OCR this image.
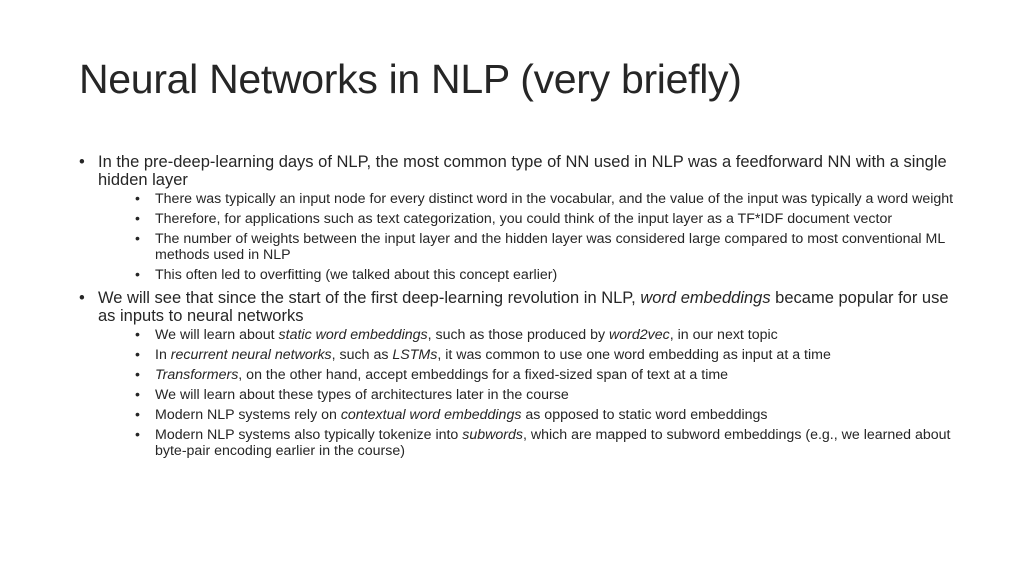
Neural Networks in NLP (very briefly)
• In the pre-deep-learning days of NLP, the most common type of NN used in NLP was a feedforward NN with a single hidden layer
• There was typically an input node for every distinct word in the vocabular, and the value of the input was typically a word weight
• Therefore, for applications such as text categorization, you could think of the input layer as a TF*IDF document vector
• The number of weights between the input layer and the hidden layer was considered large compared to most conventional ML methods used in NLP
• This often led to overfitting (we talked about this concept earlier)
• We will see that since the start of the first deep-learning revolution in NLP, word embeddings became popular for use as inputs to neural networks
• We will learn about static word embeddings, such as those produced by word2vec, in our next topic
• In recurrent neural networks, such as LSTMs, it was common to use one word embedding as input at a time
• Transformers, on the other hand, accept embeddings for a fixed-sized span of text at a time
• We will learn about these types of architectures later in the course
• Modern NLP systems rely on contextual word embeddings as opposed to static word embeddings
• Modern NLP systems also typically tokenize into subwords, which are mapped to subword embeddings (e.g., we learned about byte-pair encoding earlier in the course)
